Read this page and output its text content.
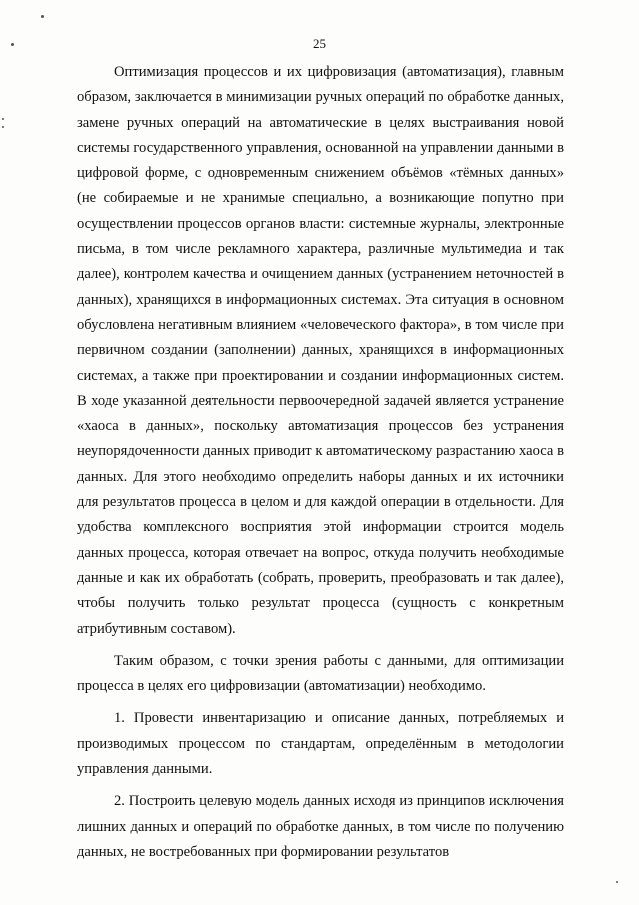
25

Оптимизация процессов и их цифровизация (автоматизация), главным образом, заключается в минимизации ручных операций по обработке данных, замене ручных операций на автоматические в целях выстраивания новой системы государственного управления, основанной на управлении данными в цифровой форме, с одновременным снижением объёмов «тёмных данных» (не собираемые и не хранимые специально, а возникающие попутно при осуществлении процессов органов власти: системные журналы, электронные письма, в том числе рекламного характера, различные мультимедиа и так далее), контролем качества и очищением данных (устранением неточностей в данных), хранящихся в информационных системах. Эта ситуация в основном обусловлена негативным влиянием «человеческого фактора», в том числе при первичном создании (заполнении) данных, хранящихся в информационных системах, а также при проектировании и создании информационных систем. В ходе указанной деятельности первоочередной задачей является устранение «хаоса в данных», поскольку автоматизация процессов без устранения неупорядоченности данных приводит к автоматическому разрастанию хаоса в данных. Для этого необходимо определить наборы данных и их источники для результатов процесса в целом и для каждой операции в отдельности. Для удобства комплексного восприятия этой информации строится модель данных процесса, которая отвечает на вопрос, откуда получить необходимые данные и как их обработать (собрать, проверить, преобразовать и так далее), чтобы получить только результат процесса (сущность с конкретным атрибутивным составом).

Таким образом, с точки зрения работы с данными, для оптимизации процесса в целях его цифровизации (автоматизации) необходимо.

1. Провести инвентаризацию и описание данных, потребляемых и производимых процессом по стандартам, определённым в методологии управления данными.

2. Построить целевую модель данных исходя из принципов исключения лишних данных и операций по обработке данных, в том числе по получению данных, не востребованных при формировании результатов
